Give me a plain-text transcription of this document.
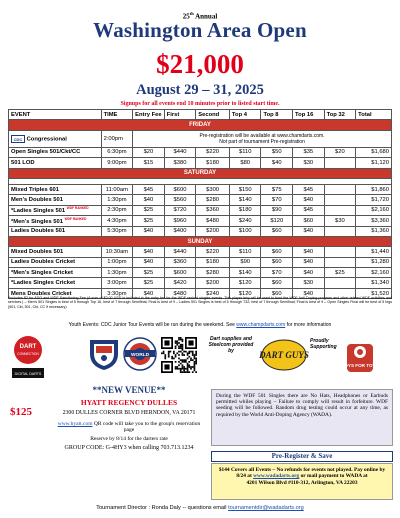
25th Annual
Washington Area Open
$21,000
August 29 – 31, 2025
Signups for all events end 10 minutes prior to listed start time.
EVENT	TIME	Entry Fee	First	Second	Top 4	Top 8	Top 16	Top 32	Total
FRIDAY									
CDC Congressional	2:00pm	Pre-registration will be available at www.chamdarts.com.
Not part of tournament Pre-registration							

Open Singles 501/Ckt/CC	6:30pm	$20	$440	$220	$110	$50	$35	$20	$1,680
501 LOD	9:00pm	$15	$380	$180	$80	$40	$30		$1,120
SATURDAY									

Mixed Triples 601	11:00am	$45	$600	$300	$150	$75	$45		$1,860
Men's Doubles 501	1:30pm	$40	$560	$280	$140	$70	$40		$1,720
*Ladies Singles 501 $^{WDF RANKED}$	2:30pm	$25	$720	$360	$180	$90	$45		$2,160
*Men's Singles 501 $^{WDF RANKED}$	4:30pm	$25	$960	$480	$240	$120	$60	$30	$3,360
Ladies Doubles 501	5:30pm	$40	$400	$200	$100	$60	$40		$1,360
SUNDAY									
Mixed Doubles 501	10:30am	$40	$440	$220	$110	$60	$40		$1,440
Ladies Doubles Cricket	1:00pm	$40	$360	$180	$90	$60	$40		$1,280
*Men's Singles Cricket	1:30pm	$25	$600	$280	$140	$70	$40	$25	$2,160
*Ladies Singles Cricket	3:00pm	$25	$420	$200	$120	$60	$30		$1,340
Mens Doubles Cricket	3:30pm	$40	$480	$240	$120	$60	$40		$1,520
*Includes $2 for ADO and WDF Sanctioning Fee (A sum of $2.00 USD is included in the entry fee for the WDF ranked singles events. This player levy will be used to fund the WDF Anti-Doping program and other related WDF activities and services.) – Men's 501 Singles is best of 5 through Top 16, best of 7 through Semifinal; Final is best of 9 – Ladies 501 Singles is best of 5 through T32; best of 7 through Semifinal; Final is best of 9 – Open Singles Final will be best of 5 legs (501, Ckt, 501, Ckt, CC if necessary)
Youth Events: CDC Junior Tour Events will be run during the weekend. See www.champdarts.com for more information
DART
CONNECTION
DIGITAL DARTS
WORLD
Dart supplies and Steelcom provided by	DART GUYS
Proudly Supporting
TOYS FOR TOTS
$125
**NEW VENUE**
HYATT REGENCY DULLES
2300 DULLES CORNER BLVD HERNDON, VA 20171
www.hyatt.com QR code will take you to the group's reservation page
Reserve by 8/14 for the darters rate
GROUP CODE: G-4HY3 when calling 703.713.1234
During the WDF 501 Singles there are No Hats, Headphones or Earbuds permitted whiles playing – Failure to comply will result in forfeiture. WDF seeding will be followed. Random drug testing could occur at any time, as required by the World Anti-Doping Agency (WADA).
Pre-Register & Save
$144 Covers all Events – No refunds for events not played. Pay online by 8/24 at www.wadadarts.org or mail payment to WADA at
4201 Wilson Blvd #110-312, Arlington, VA 22203
Tournament Director : Ronda Daly -- questions email tournamentdir@wadadarts.org
